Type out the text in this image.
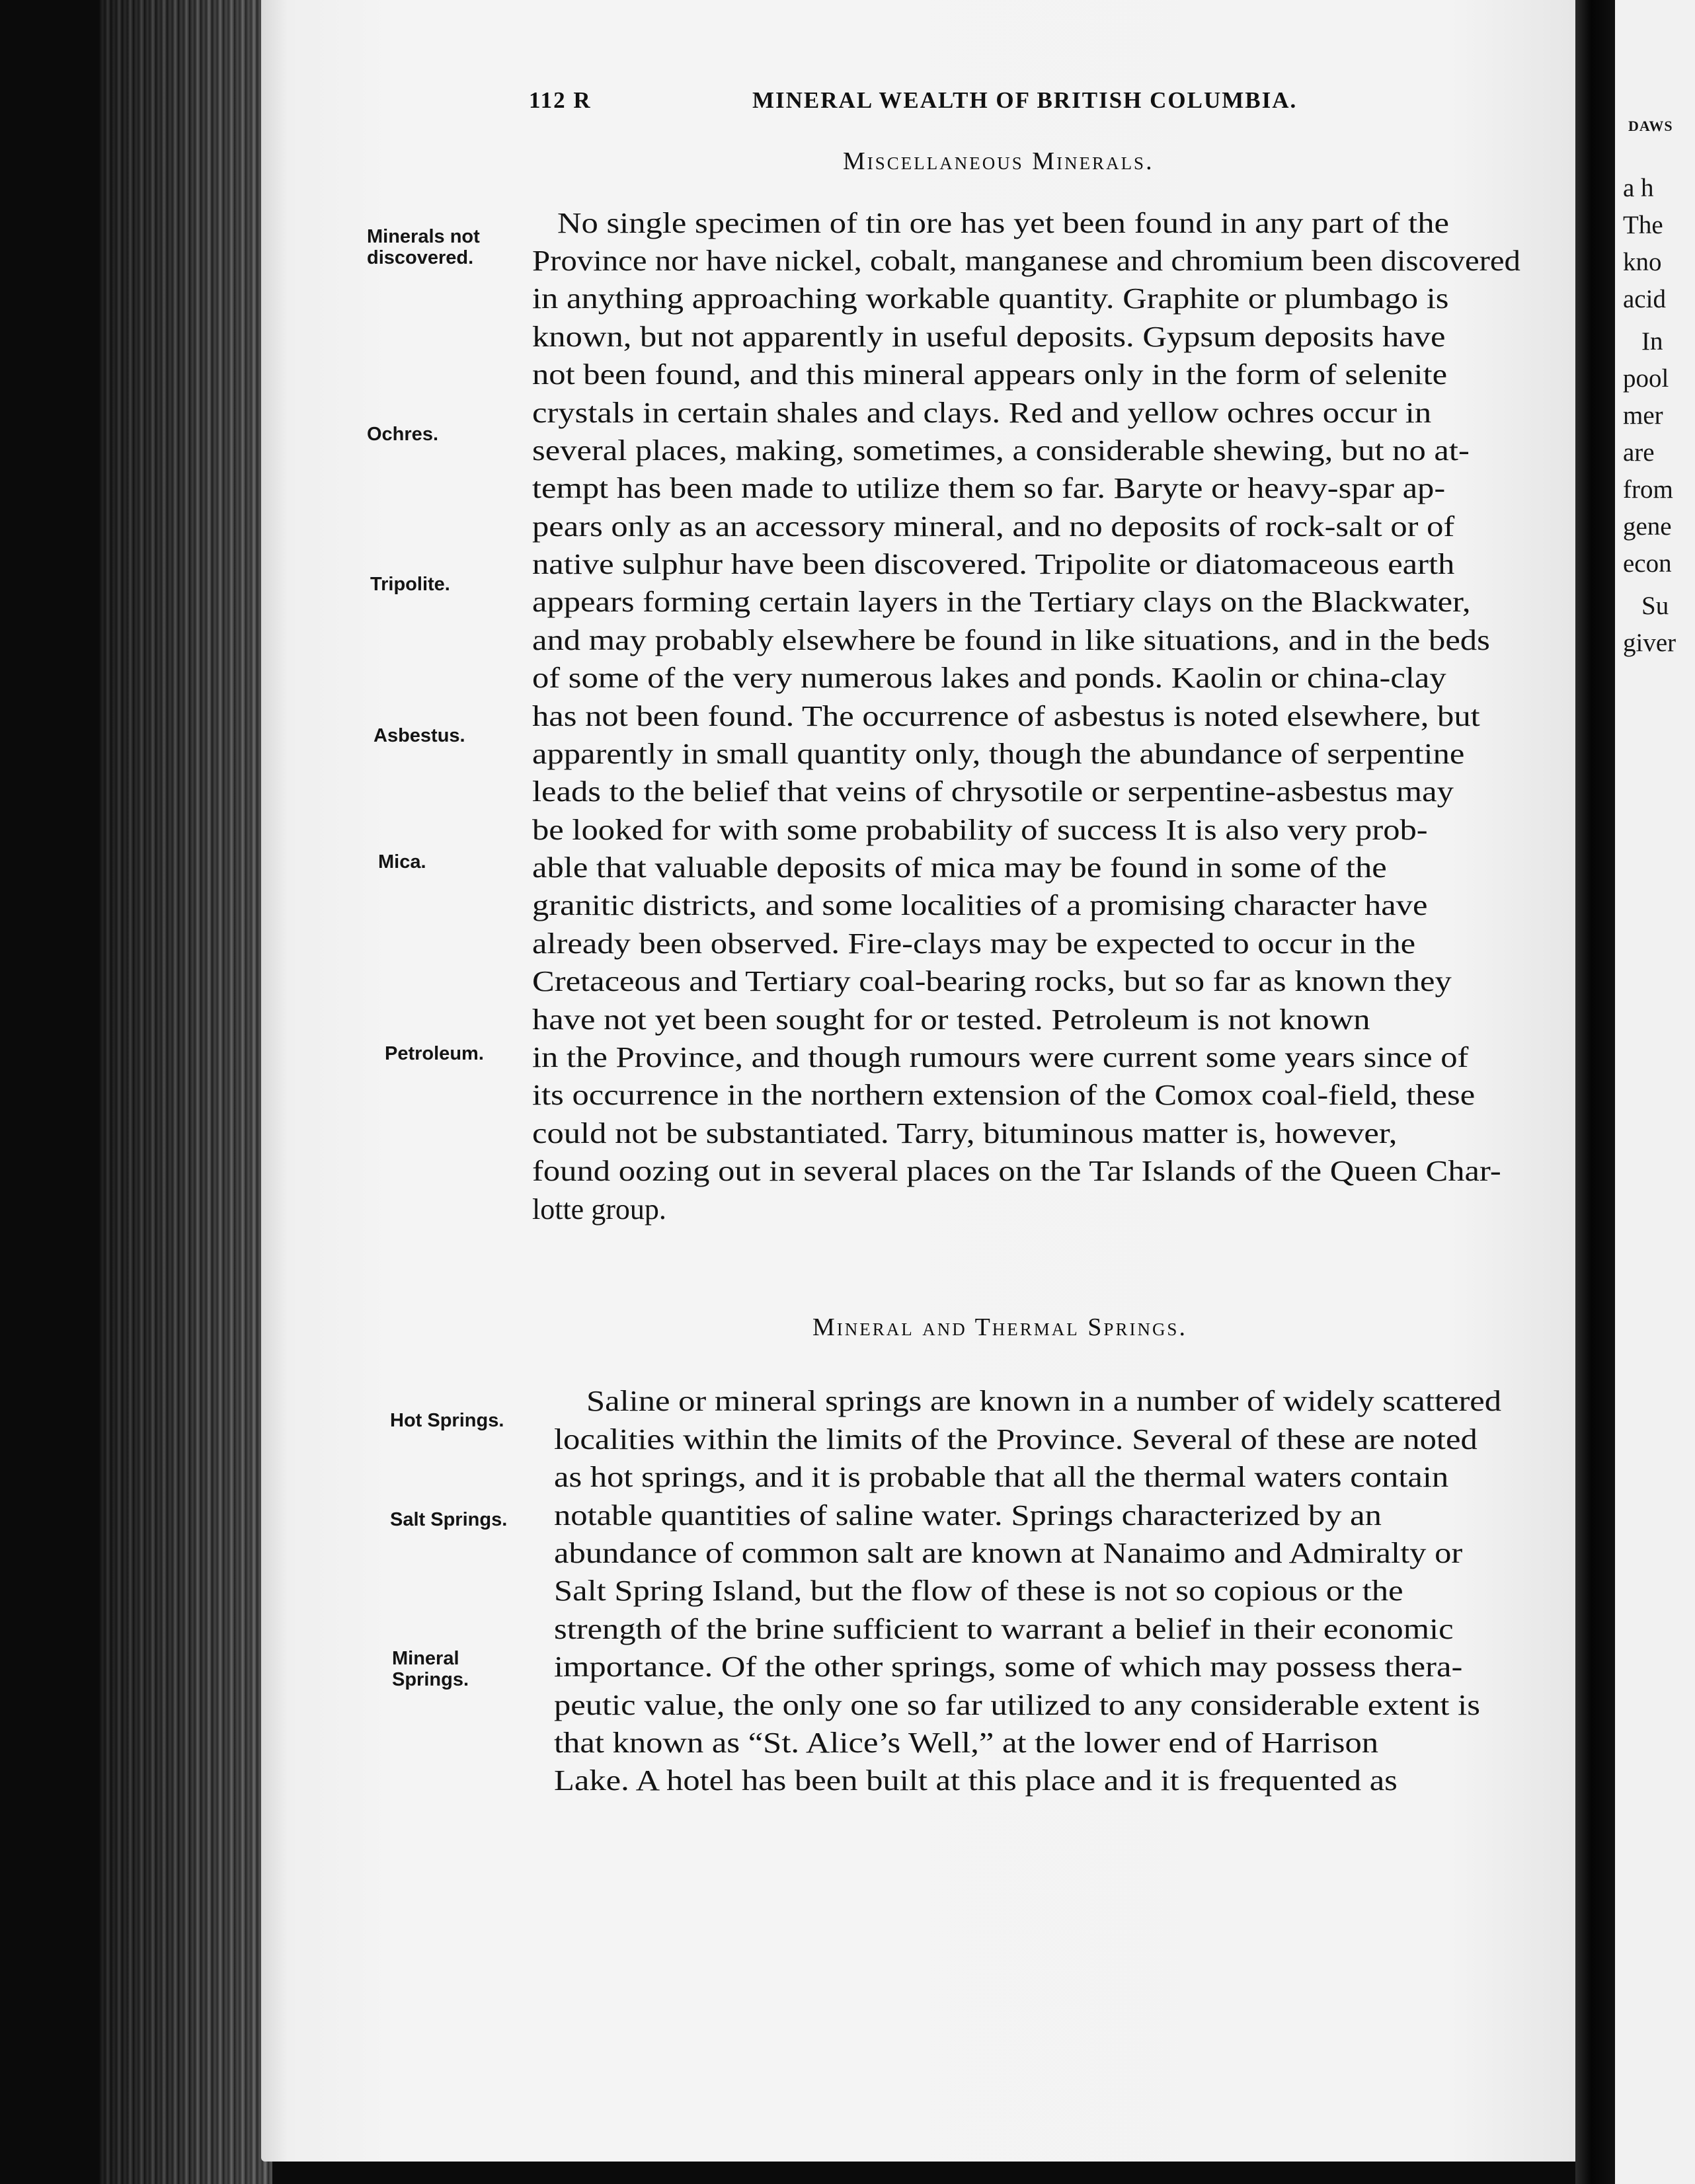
112 R	MINERAL WEALTH OF BRITISH COLUMBIA.
Miscellaneous Minerals.
Minerals not discovered.
Ochres.
Tripolite.
Asbestus.
Mica.
Petroleum.
No single specimen of tin ore has yet been found in any part of the
Province nor have nickel, cobalt, manganese and chromium been discovered
in anything approaching workable quantity. Graphite or plumbago is
known, but not apparently in useful deposits. Gypsum deposits have
not been found, and this mineral appears only in the form of selenite
crystals in certain shales and clays. Red and yellow ochres occur in
several places, making, sometimes, a considerable shewing, but no at-
tempt has been made to utilize them so far. Baryte or heavy-spar ap-
pears only as an accessory mineral, and no deposits of rock-salt or of
native sulphur have been discovered. Tripolite or diatomaceous earth
appears forming certain layers in the Tertiary clays on the Blackwater,
and may probably elsewhere be found in like situations, and in the beds
of some of the very numerous lakes and ponds. Kaolin or china-clay
has not been found. The occurrence of asbestus is noted elsewhere, but
apparently in small quantity only, though the abundance of serpentine
leads to the belief that veins of chrysotile or serpentine-asbestus may
be looked for with some probability of success It is also very prob-
able that valuable deposits of mica may be found in some of the
granitic districts, and some localities of a promising character have
already been observed. Fire-clays may be expected to occur in the
Cretaceous and Tertiary coal-bearing rocks, but so far as known they
have not yet been sought for or tested. Petroleum is not known
in the Province, and though rumours were current some years since of
its occurrence in the northern extension of the Comox coal-field, these
could not be substantiated. Tarry, bituminous matter is, however,
found oozing out in several places on the Tar Islands of the Queen Char-
lotte group.
Mineral and Thermal Springs.
Hot Springs.
Salt Springs.
Mineral Springs.
Saline or mineral springs are known in a number of widely scattered
localities within the limits of the Province. Several of these are noted
as hot springs, and it is probable that all the thermal waters contain
notable quantities of saline water. Springs characterized by an
abundance of common salt are known at Nanaimo and Admiralty or
Salt Spring Island, but the flow of these is not so copious or the
strength of the brine sufficient to warrant a belief in their economic
importance. Of the other springs, some of which may possess thera-
peutic value, the only one so far utilized to any considerable extent is
that known as “St. Alice’s Well,” at the lower end of Harrison
Lake. A hotel has been built at this place and it is frequented as
DAWS
a h
The
kno
acid
In
pool
mer
are
from
gene
econ
Su
giver
